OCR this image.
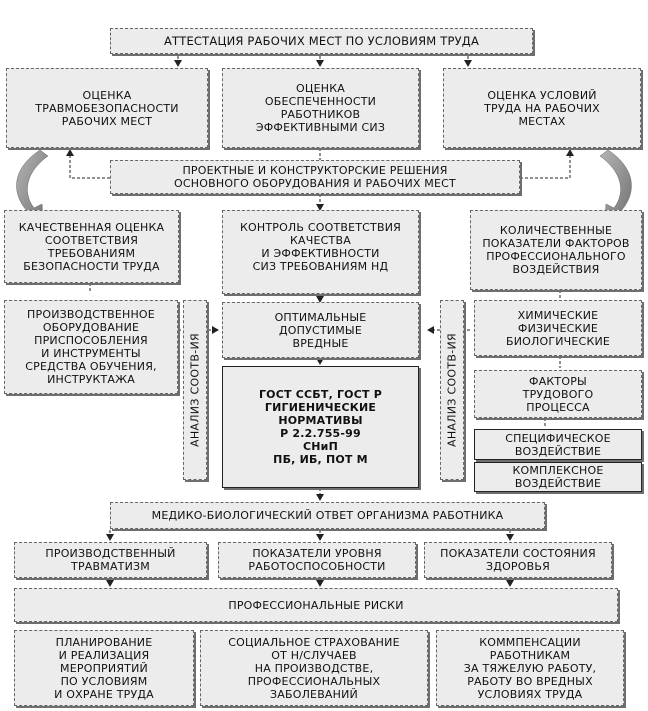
АТТЕСТАЦИЯ РАБОЧИХ МЕСТ ПО УСЛОВИЯМ ТРУДА
ОЦЕНКА
ТРАВМОБЕЗОПАСНОСТИ
РАБОЧИХ МЕСТ
ОЦЕНКА
ОБЕСПЕЧЕННОСТИ
РАБОТНИКОВ
ЭФФЕКТИВНЫМИ СИЗ
ОЦЕНКА УСЛОВИЙ
ТРУДА НА РАБОЧИХ
МЕСТАХ
ПРОЕКТНЫЕ И КОНСТРУКТОРСКИЕ РЕШЕНИЯ
ОСНОВНОГО ОБОРУДОВАНИЯ И РАБОЧИХ МЕСТ
КАЧЕСТВЕННАЯ ОЦЕНКА
СООТВЕТСТВИЯ
ТРЕБОВАНИЯМ
БЕЗОПАСНОСТИ ТРУДА
КОНТРОЛЬ СООТВЕТСТВИЯ
КАЧЕСТВА
И ЭФФЕКТИВНОСТИ
СИЗ ТРЕБОВАНИЯМ НД
КОЛИЧЕСТВЕННЫЕ
ПОКАЗАТЕЛИ ФАКТОРОВ
ПРОФЕССИОНАЛЬНОГО
ВОЗДЕЙСТВИЯ
ПРОИЗВОДСТВЕННОЕ
ОБОРУДОВАНИЕ
ПРИСПОСОБЛЕНИЯ
И ИНСТРУМЕНТЫ
СРЕДСТВА ОБУЧЕНИЯ,
ИНСТРУКТАЖА	АНАЛИЗ СООТВ-ИЯ	АНАЛИЗ СООТВ-ИЯ
ОПТИМАЛЬНЫЕ
ДОПУСТИМЫЕ
ВРЕДНЫЕ
ГОСТ ССБТ, ГОСТ Р
ГИГИЕНИЧЕСКИЕ
НОРМАТИВЫ
Р 2.2.755-99
СНиП
ПБ, ИБ, ПОТ М
ХИМИЧЕСКИЕ
ФИЗИЧЕСКИЕ
БИОЛОГИЧЕСКИЕ
ФАКТОРЫ
ТРУДОВОГО
ПРОЦЕССА
СПЕЦИФИЧЕСКОЕ
ВОЗДЕЙСТВИЕ
КОМПЛЕКСНОЕ
ВОЗДЕЙСТВИЕ
МЕДИКО-БИОЛОГИЧЕСКИЙ ОТВЕТ ОРГАНИЗМА РАБОТНИКА
ПРОИЗВОДСТВЕННЫЙ
ТРАВМАТИЗМ
ПОКАЗАТЕЛИ УРОВНЯ
РАБОТОСПОСОБНОСТИ
ПОКАЗАТЕЛИ СОСТОЯНИЯ
ЗДОРОВЬЯ
ПРОФЕССИОНАЛЬНЫЕ РИСКИ
ПЛАНИРОВАНИЕ
И РЕАЛИЗАЦИЯ
МЕРОПРИЯТИЙ
ПО УСЛОВИЯМ
И ОХРАНЕ ТРУДА
СОЦИАЛЬНОЕ СТРАХОВАНИЕ
ОТ Н/СЛУЧАЕВ
НА ПРОИЗВОДСТВЕ,
ПРОФЕССИОНАЛЬНЫХ
ЗАБОЛЕВАНИЙ
КОММПЕНСАЦИИ
РАБОТНИКАМ
ЗА ТЯЖЕЛУЮ РАБОТУ,
РАБОТУ ВО ВРЕДНЫХ
УСЛОВИЯХ ТРУДА
